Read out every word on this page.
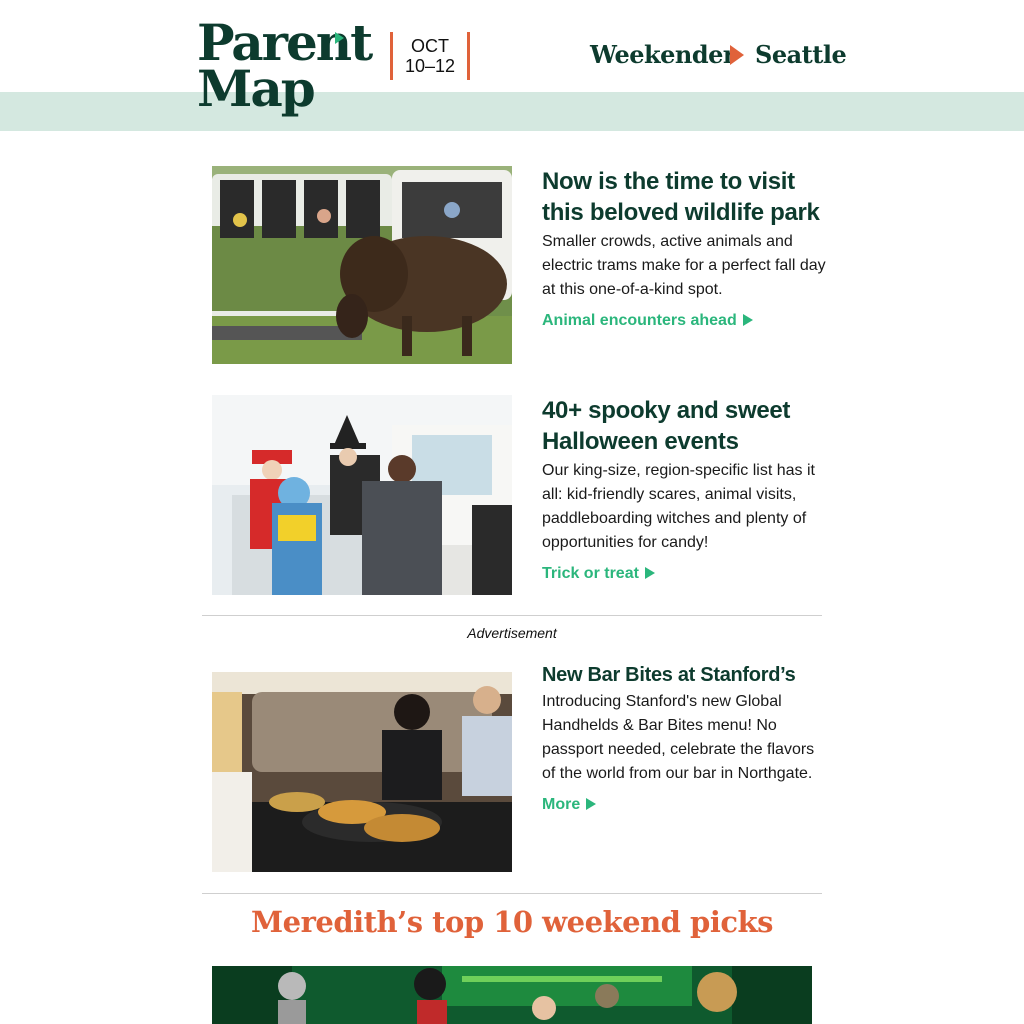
Parent
Map
OCT
10–12	Weekender Seattle
Now is the time to visit this beloved wildlife park
Smaller crowds, active animals and electric trams make for a perfect fall day at this one-of-a-kind spot.
Animal encounters ahead
40+ spooky and sweet Halloween events
Our king-size, region-specific list has it all: kid-friendly scares, animal visits, paddleboarding witches and plenty of opportunities for candy!
Trick or treat
Advertisement
New Bar Bites at Stanford’s
Introducing Stanford's new Global Handhelds & Bar Bites menu! No passport needed, celebrate the flavors of the world from our bar in Northgate.
More
Meredith’s top 10 weekend picks
